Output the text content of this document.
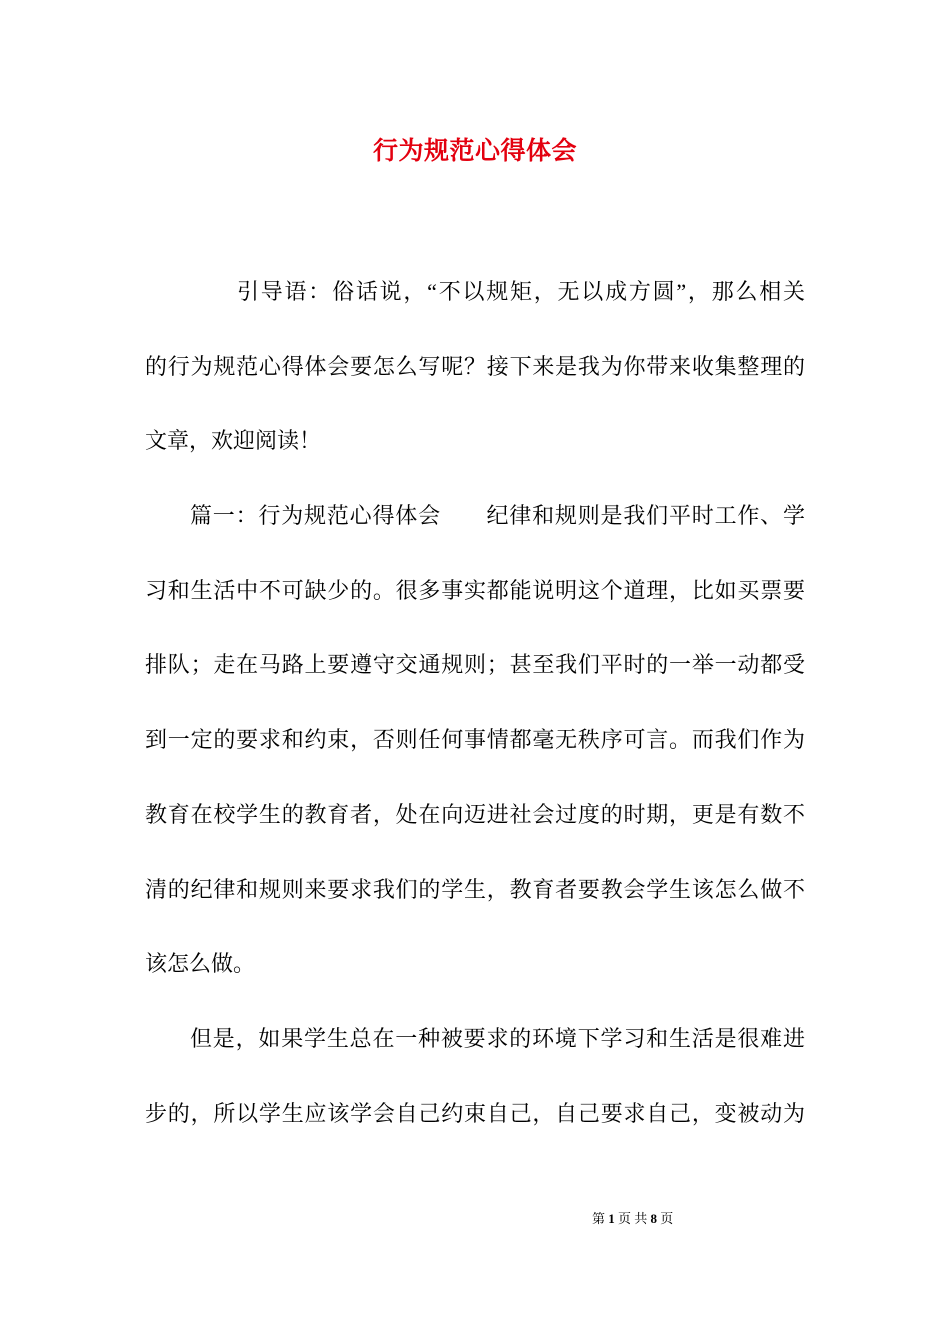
行为规范心得体会
引导语：俗话说，“不以规矩，无以成方圆”，那么相关
的行为规范心得体会要怎么写呢？接下来是我为你带来收集整理的
文章，欢迎阅读！
篇一：行为规范心得体会　　纪律和规则是我们平时工作、学
习和生活中不可缺少的。很多事实都能说明这个道理，比如买票要
排队；走在马路上要遵守交通规则；甚至我们平时的一举一动都受
到一定的要求和约束，否则任何事情都毫无秩序可言。而我们作为
教育在校学生的教育者，处在向迈进社会过度的时期，更是有数不
清的纪律和规则来要求我们的学生，教育者要教会学生该怎么做不
该怎么做。
但是，如果学生总在一种被要求的环境下学习和生活是很难进
步的，所以学生应该学会自己约束自己，自己要求自己，变被动为
第 1 页 共 8 页
